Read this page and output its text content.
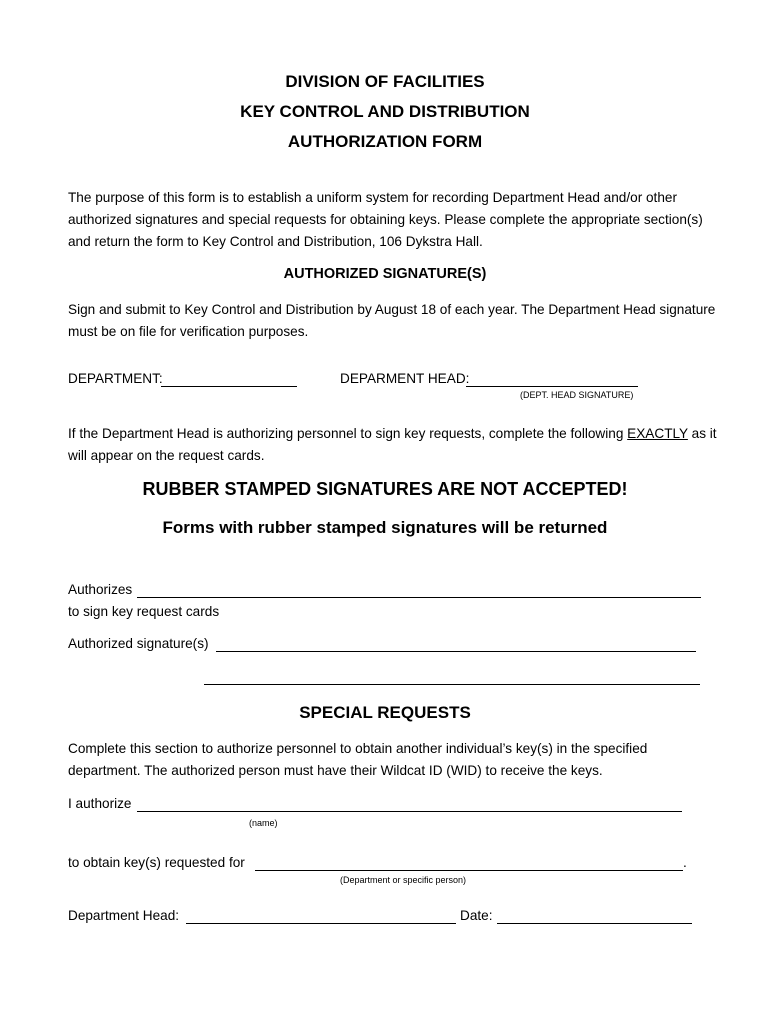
DIVISION OF FACILITIES
KEY CONTROL AND DISTRIBUTION
AUTHORIZATION FORM
The purpose of this form is to establish a uniform system for recording Department Head and/or other authorized signatures and special requests for obtaining keys. Please complete the appropriate section(s) and return the form to Key Control and Distribution, 106 Dykstra Hall.
AUTHORIZED SIGNATURE(S)
Sign and submit to Key Control and Distribution by August 18 of each year. The Department Head signature must be on file for verification purposes.
DEPARTMENT:	DEPARMENT HEAD:
(DEPT. HEAD SIGNATURE)
If the Department Head is authorizing personnel to sign key requests, complete the following EXACTLY as it will appear on the request cards.
RUBBER STAMPED SIGNATURES ARE NOT ACCEPTED!
Forms with rubber stamped signatures will be returned
Authorizes
to sign key request cards
Authorized signature(s)
SPECIAL REQUESTS
Complete this section to authorize personnel to obtain another individual’s key(s) in the specified department. The authorized person must have their Wildcat ID (WID) to receive the keys.
I authorize
(name)
to obtain key(s) requested for	.
(Department or specific person)
Department Head:	Date:
